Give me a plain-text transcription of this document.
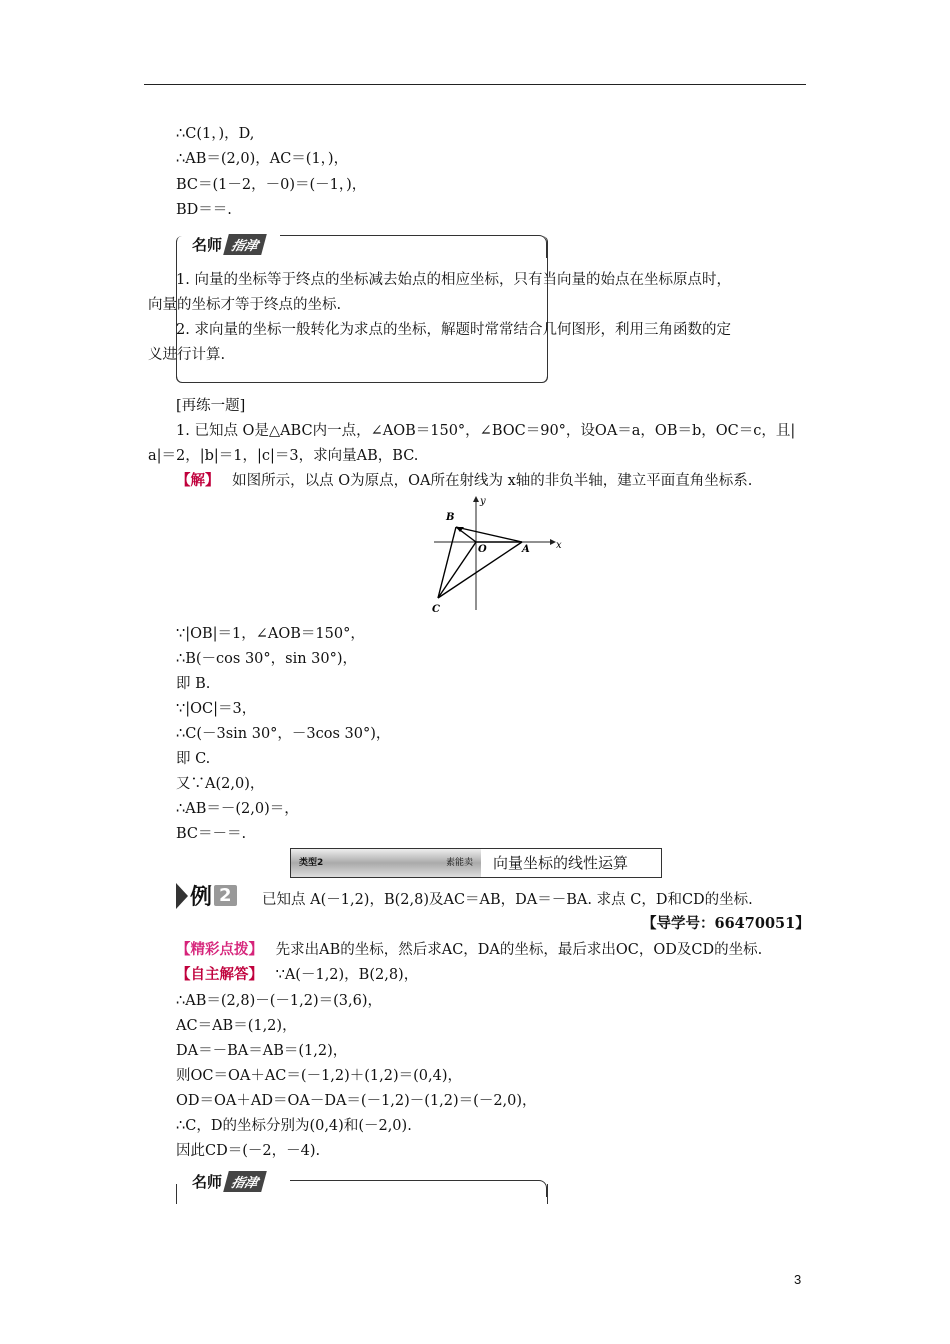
∴C(1，)，D,
∴AB＝(2,0)，AC＝(1，)，
BC＝(1－2，－0)＝(－1，)，
BD＝＝.
名师 指津
1. 向量的坐标等于终点的坐标减去始点的相应坐标，只有当向量的始点在坐标原点时，
向量的坐标才等于终点的坐标.
2. 求向量的坐标一般转化为求点的坐标，解题时常常结合几何图形，利用三角函数的定
义进行计算.
[再练一题]
1. 已知点 O是△ABC内一点，∠AOB＝150°，∠BOC＝90°，设OA＝a，OB＝b，OC＝c，且|
a|＝2，|b|＝1，|c|＝3，求向量AB，BC.
【解】 如图所示，以点 O为原点，OA所在射线为 x轴的非负半轴，建立平面直角坐标系.
x
y
B
O	A
C
∵|OB|＝1，∠AOB＝150°，
∴B(－cos 30°，sin 30°)，
即 B.
∵|OC|＝3，
∴C(－3sin 30°，－3cos 30°)，
即 C.
又∵A(2,0)，
∴AB＝－(2,0)＝，
BC＝－＝.
类型2	素能卖 向量坐标的线性运算
例 2	已知点 A(－1,2)，B(2,8)及AC＝AB，DA＝－BA. 求点 C，D和CD的坐标.
【导学号：66470051】
【精彩点拨】 先求出AB的坐标，然后求AC，DA的坐标，最后求出OC，OD及CD的坐标.
【自主解答】 ∵A(－1,2)，B(2,8)，
∴AB＝(2,8)－(－1,2)＝(3,6)，
AC＝AB＝(1,2)，
DA＝－BA＝AB＝(1,2)，
则OC＝OA＋AC＝(－1,2)＋(1,2)＝(0,4)，
OD＝OA＋AD＝OA－DA＝(－1,2)－(1,2)＝(－2,0)，
∴C，D的坐标分别为(0,4)和(－2,0).
因此CD＝(－2，－4).
名师 指津
3
